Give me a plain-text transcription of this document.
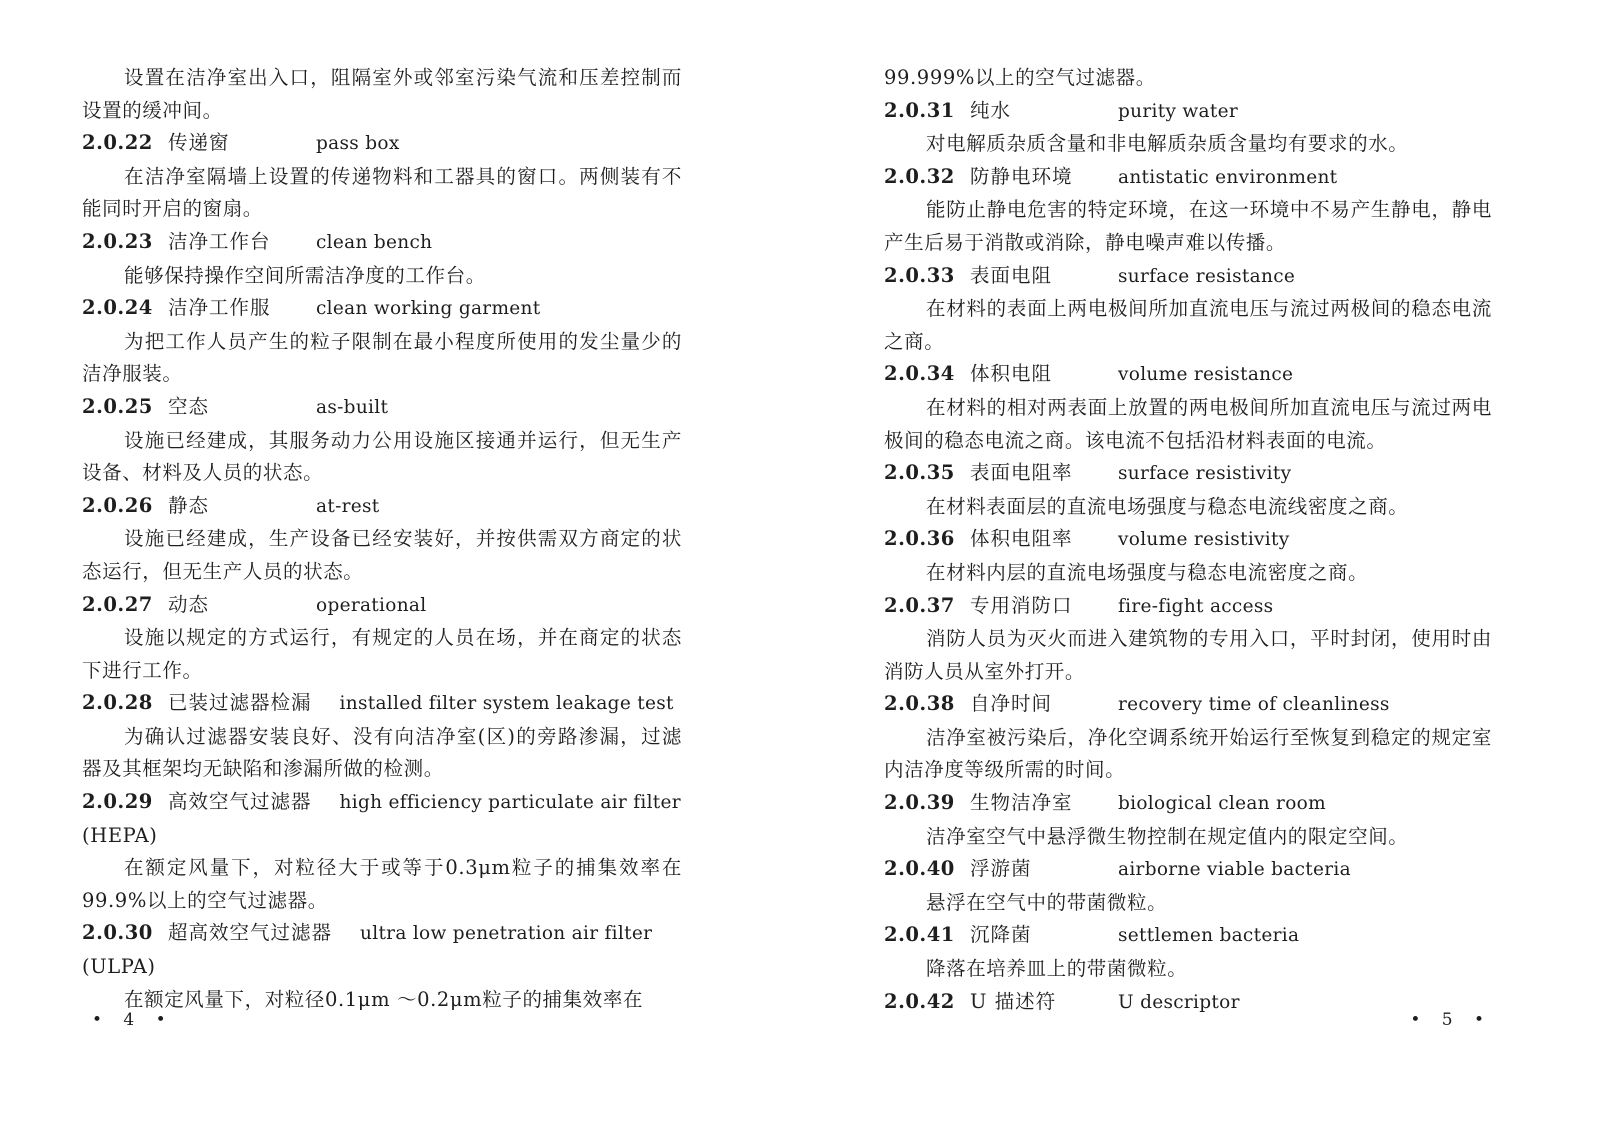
设置在洁净室出入口，阻隔室外或邻室污染气流和压差控制而设置的缓冲间。

2.0.22 传递窗	pass box

在洁净室隔墙上设置的传递物料和工器具的窗口。两侧装有不能同时开启的窗扇。

2.0.23 洁净工作台 clean bench

能够保持操作空间所需洁净度的工作台。

2.0.24 洁净工作服 clean working garment

为把工作人员产生的粒子限制在最小程度所使用的发尘量少的洁净服装。

2.0.25 空态	as-built

设施已经建成，其服务动力公用设施区接通并运行，但无生产设备、材料及人员的状态。

2.0.26 静态	at-rest

设施已经建成，生产设备已经安装好，并按供需双方商定的状态运行，但无生产人员的状态。

2.0.27 动态	operational

设施以规定的方式运行，有规定的人员在场，并在商定的状态下进行工作。

2.0.28 已装过滤器检漏 installed filter system leakage test

为确认过滤器安装良好、没有向洁净室(区)的旁路渗漏，过滤器及其框架均无缺陷和渗漏所做的检测。

2.0.29 高效空气过滤器 high efficiency particulate air filter

(HEPA)

在额定风量下，对粒径大于或等于0.3μm粒子的捕集效率在99.9%以上的空气过滤器。

2.0.30 超高效空气过滤器 ultra low penetration air filter

(ULPA)

在额定风量下，对粒径0.1μm ～0.2μm粒子的捕集效率在

• 4 •

99.999%以上的空气过滤器。

2.0.31 纯水	purity water

对电解质杂质含量和非电解质杂质含量均有要求的水。

2.0.32 防静电环境 antistatic environment

能防止静电危害的特定环境，在这一环境中不易产生静电，静电产生后易于消散或消除，静电噪声难以传播。

2.0.33 表面电阻	surface resistance

在材料的表面上两电极间所加直流电压与流过两极间的稳态电流之商。

2.0.34 体积电阻	volume resistance

在材料的相对两表面上放置的两电极间所加直流电压与流过两电极间的稳态电流之商。该电流不包括沿材料表面的电流。

2.0.35 表面电阻率 surface resistivity

在材料表面层的直流电场强度与稳态电流线密度之商。

2.0.36 体积电阻率 volume resistivity

在材料内层的直流电场强度与稳态电流密度之商。

2.0.37 专用消防口 fire-fight access

消防人员为灭火而进入建筑物的专用入口，平时封闭，使用时由消防人员从室外打开。

2.0.38 自净时间	recovery time of cleanliness

洁净室被污染后，净化空调系统开始运行至恢复到稳定的规定室内洁净度等级所需的时间。

2.0.39 生物洁净室 biological clean room

洁净室空气中悬浮微生物控制在规定值内的限定空间。

2.0.40 浮游菌	airborne viable bacteria

悬浮在空气中的带菌微粒。

2.0.41 沉降菌	settlemen bacteria

降落在培养皿上的带菌微粒。

2.0.42 U 描述符	U descriptor

• 5 •
